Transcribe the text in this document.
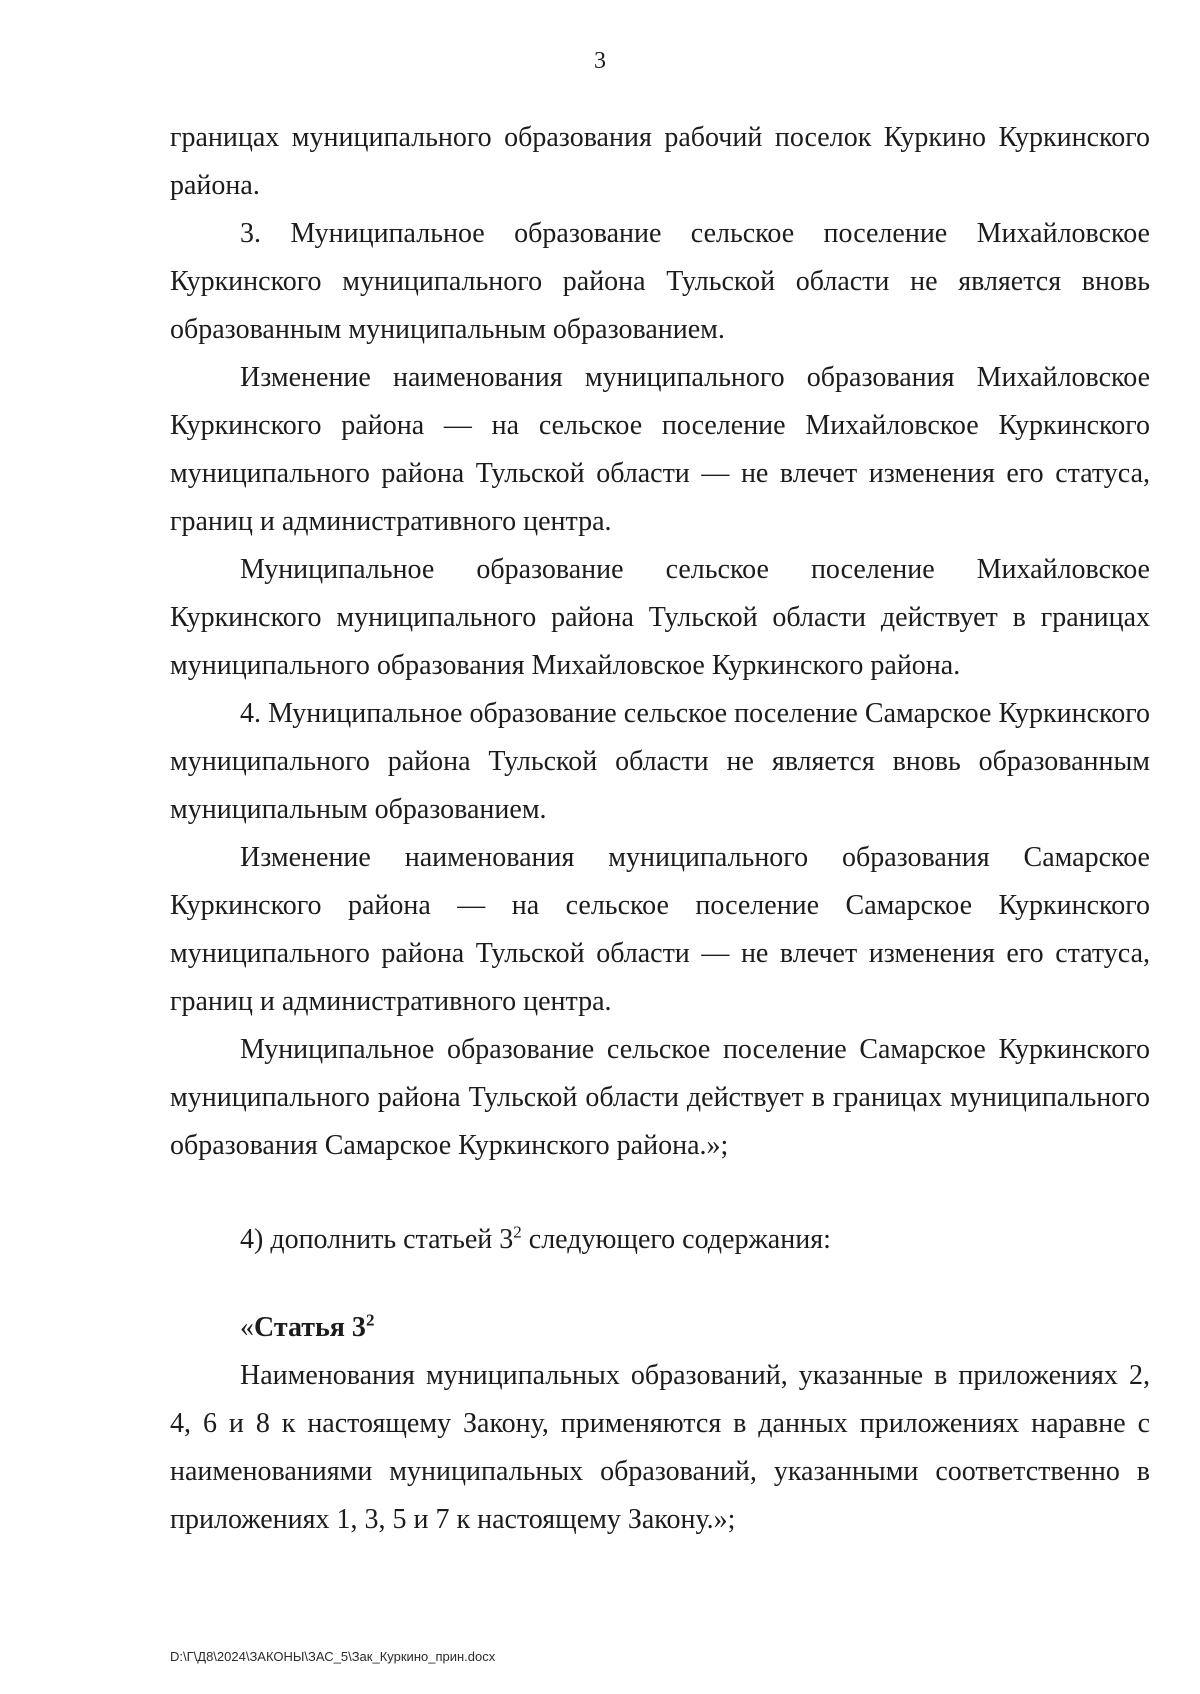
3

границах муниципального образования рабочий поселок Куркино Куркинского района.

3. Муниципальное образование сельское поселение Михайловское Куркинского муниципального района Тульской области не является вновь образованным муниципальным образованием.

Изменение наименования муниципального образования Михайловское Куркинского района — на сельское поселение Михайловское Куркинского муниципального района Тульской области — не влечет изменения его статуса, границ и административного центра.

Муниципальное образование сельское поселение Михайловское Куркинского муниципального района Тульской области действует в границах муниципального образования Михайловское Куркинского района.

4. Муниципальное образование сельское поселение Самарское Куркинского муниципального района Тульской области не является вновь образованным муниципальным образованием.

Изменение наименования муниципального образования Самарское Куркинского района — на сельское поселение Самарское Куркинского муниципального района Тульской области — не влечет изменения его статуса, границ и административного центра.

Муниципальное образование сельское поселение Самарское Куркинского муниципального района Тульской области действует в границах муниципального образования Самарское Куркинского района.»;

4) дополнить статьей $3^2$ следующего содержания:

«Статья $3^2$

Наименования муниципальных образований, указанные в приложениях 2, 4, 6 и 8 к настоящему Закону, применяются в данных приложениях наравне с наименованиями муниципальных образований, указанными соответственно в приложениях 1, 3, 5 и 7 к настоящему Закону.»;

D:\Г\Д8\2024\ЗАКОНЫ\ЗАС_5\Зак_Куркино_прин.docx
